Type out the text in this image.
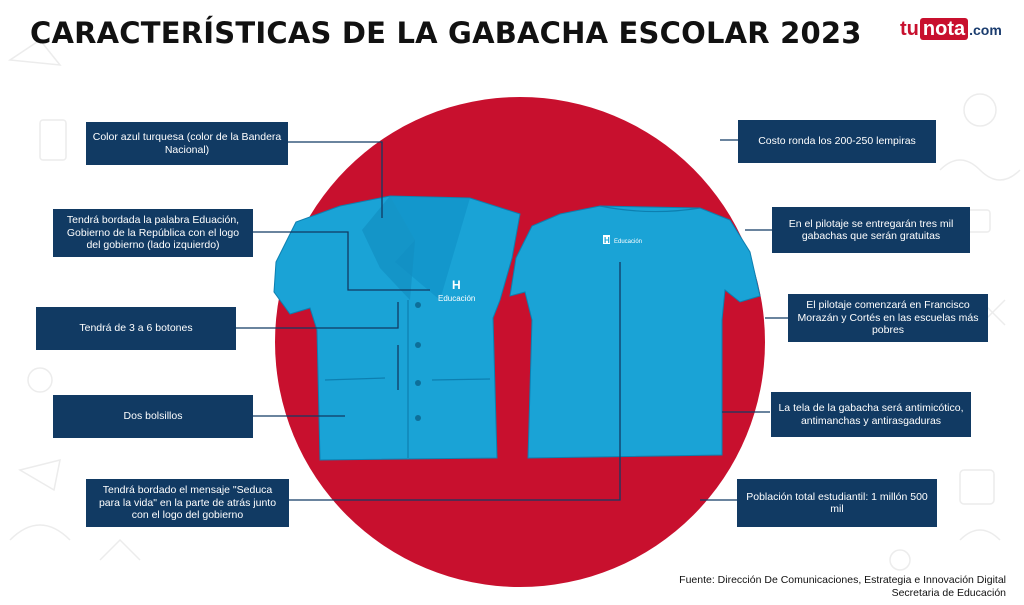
CARACTERÍSTICAS DE LA GABACHA ESCOLAR 2023 tu nota .com
H
Educación
H Educación
Color azul turquesa (color de la Bandera Nacional)
Tendrá bordada la palabra Eduación, Gobierno de la República con el logo del gobierno (lado izquierdo)
Tendrá de 3 a 6 botones
Dos bolsillos
Tendrá bordado el mensaje "Seduca para la vida" en la parte de atrás junto con el logo del gobierno
Costo ronda los 200-250 lempiras
En el pilotaje se entregarán tres mil gabachas que serán gratuitas
El pilotaje comenzará en Francisco Morazán y Cortés en las escuelas más pobres
La tela de la gabacha será antimicótico, antimanchas y antirasgaduras
Población total estudiantil: 1 millón 500 mil
Fuente: Dirección De Comunicaciones, Estrategia e Innovación Digital
Secretaria de Educación
